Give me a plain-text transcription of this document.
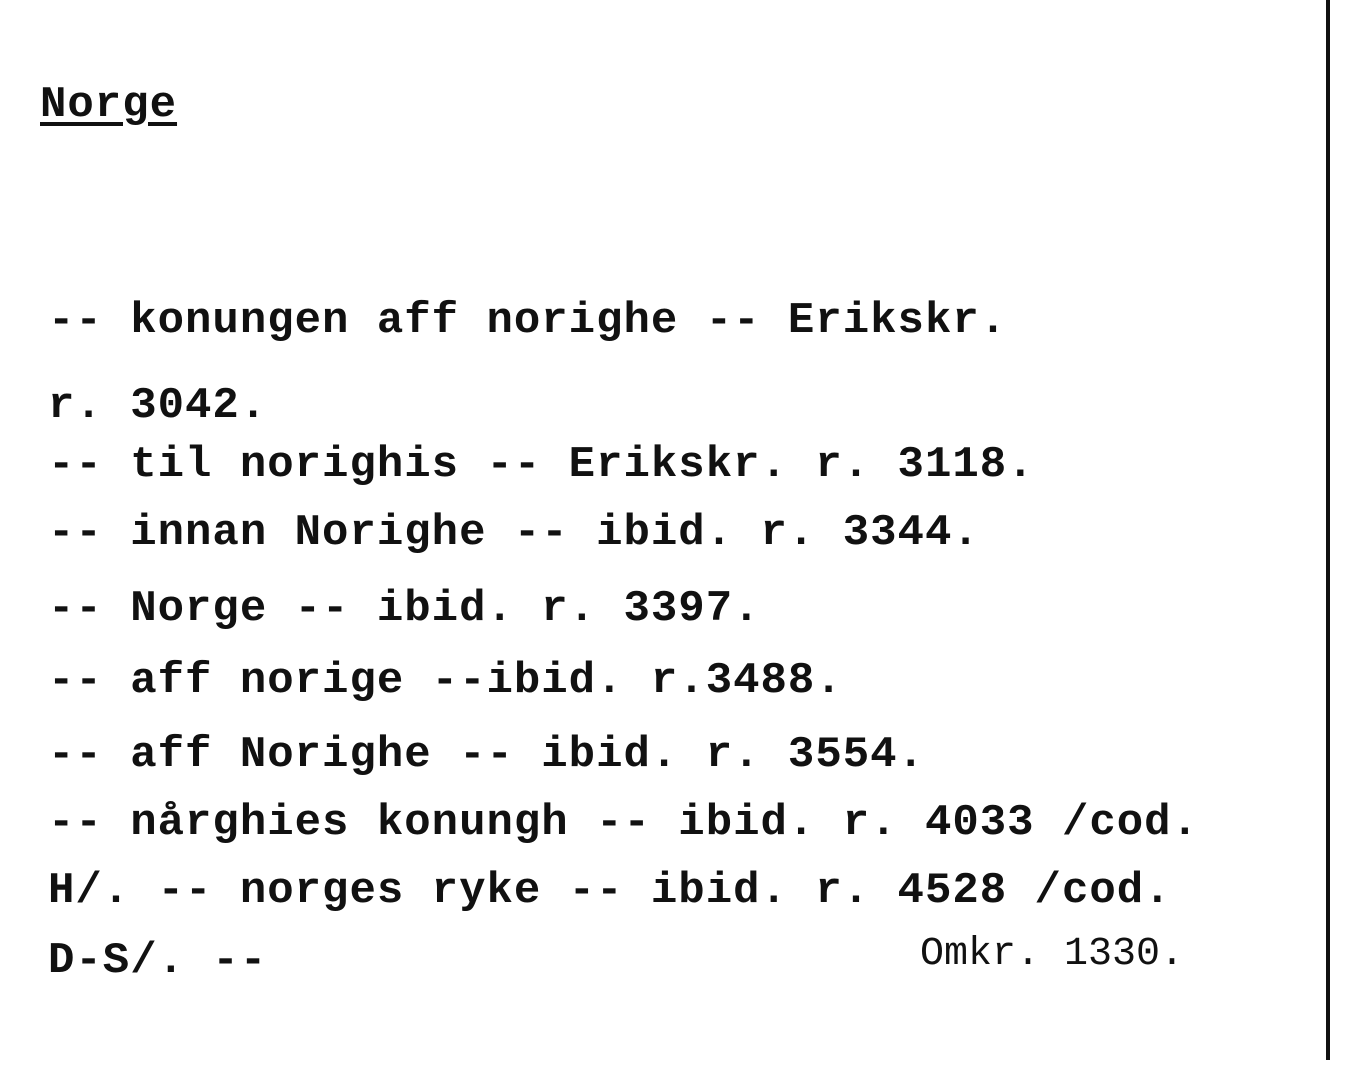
Norge
-- konungen aff norighe -- Erikskr.
r. 3042.
-- til norighis -- Erikskr. r. 3118.
-- innan Norighe -- ibid. r. 3344.
-- Norge -- ibid. r. 3397.
-- aff norige --ibid. r.3488.
-- aff Norighe -- ibid. r. 3554.
-- nårghies konungh -- ibid. r. 4033 /cod.
H/. -- norges ryke -- ibid. r. 4528 /cod.
D-S/. --	Omkr. 1330.
